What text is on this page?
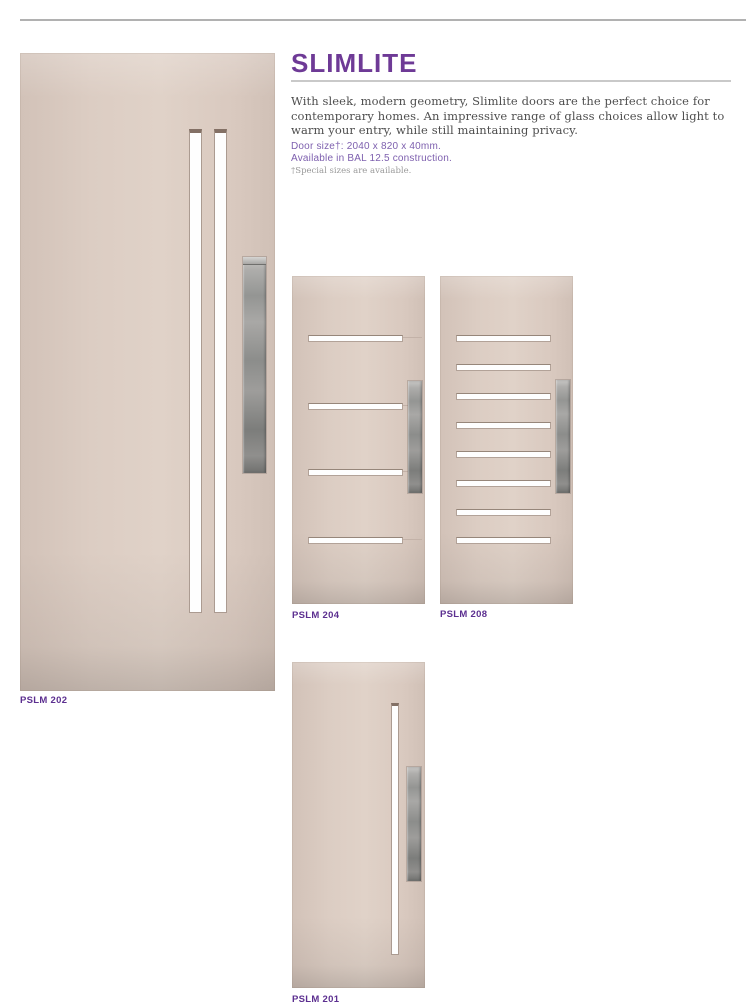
PSLM 202
SLIMLITE

With sleek, modern geometry, Slimlite doors are the perfect choice for contemporary homes. An impressive range of glass choices allow light to warm your entry, while still maintaining privacy.

Door size†: 2040 x 820 x 40mm.

Available in BAL 12.5 construction.

†Special sizes are available.

PSLM 204	PSLM 208
PSLM 201
